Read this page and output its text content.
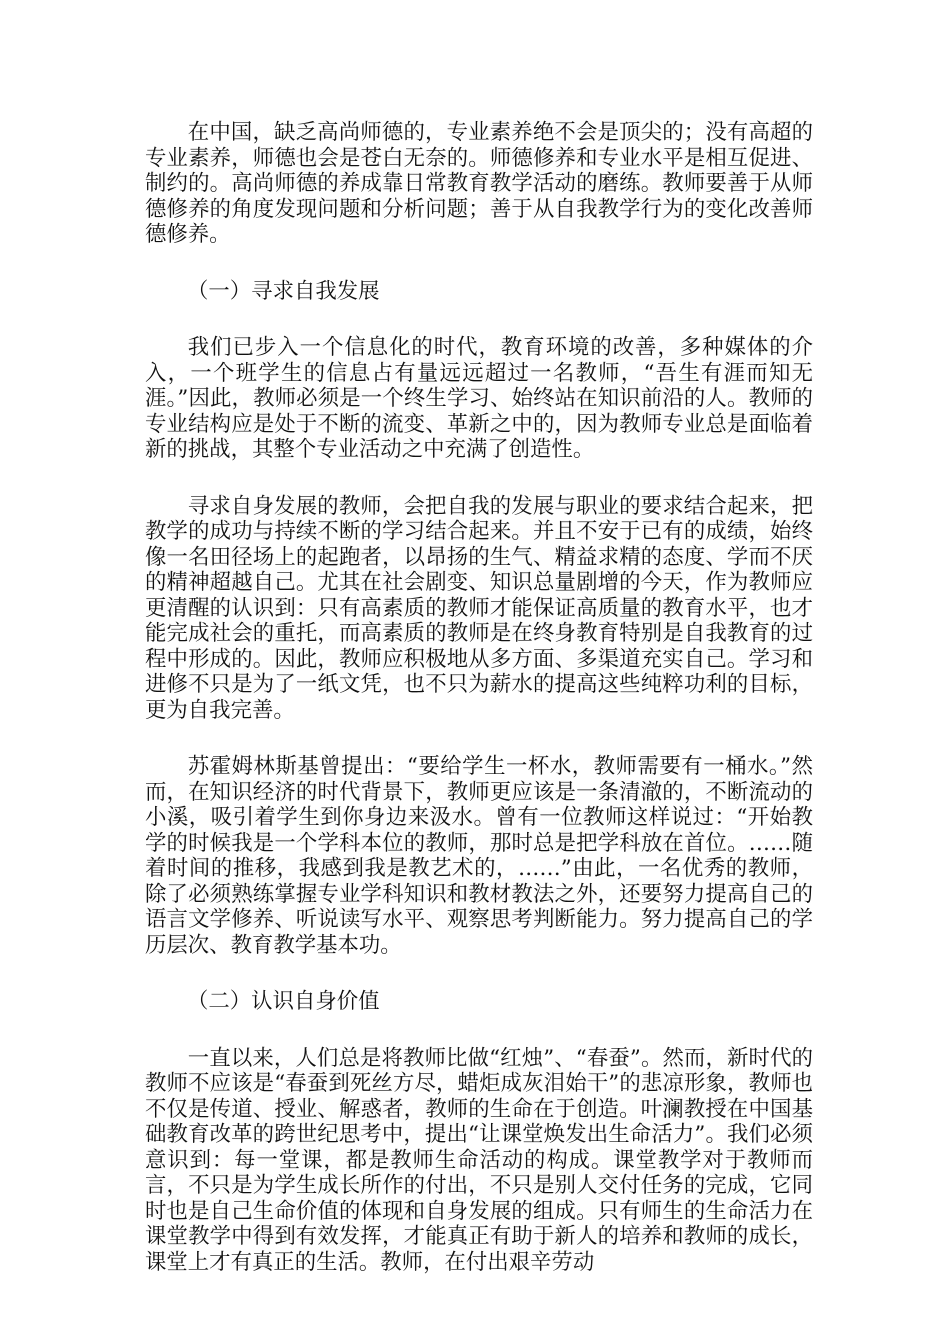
在中国，缺乏高尚师德的，专业素养绝不会是顶尖的；没有高超的专业素养，师德也会是苍白无奈的。师德修养和专业水平是相互促进、制约的。高尚师德的养成靠日常教育教学活动的磨练。教师要善于从师德修养的角度发现问题和分析问题；善于从自我教学行为的变化改善师德修养。

（一）寻求自我发展

我们已步入一个信息化的时代，教育环境的改善，多种媒体的介入，一个班学生的信息占有量远远超过一名教师，“吾生有涯而知无涯。”因此，教师必须是一个终生学习、始终站在知识前沿的人。教师的专业结构应是处于不断的流变、革新之中的，因为教师专业总是面临着新的挑战，其整个专业活动之中充满了创造性。

寻求自身发展的教师，会把自我的发展与职业的要求结合起来，把教学的成功与持续不断的学习结合起来。并且不安于已有的成绩，始终像一名田径场上的起跑者，以昂扬的生气、精益求精的态度、学而不厌的精神超越自己。尤其在社会剧变、知识总量剧增的今天，作为教师应更清醒的认识到：只有高素质的教师才能保证高质量的教育水平，也才能完成社会的重托，而高素质的教师是在终身教育特别是自我教育的过程中形成的。因此，教师应积极地从多方面、多渠道充实自己。学习和进修不只是为了一纸文凭，也不只为薪水的提高这些纯粹功利的目标，更为自我完善。

苏霍姆林斯基曾提出：“要给学生一杯水，教师需要有一桶水。”然而，在知识经济的时代背景下，教师更应该是一条清澈的，不断流动的小溪，吸引着学生到你身边来汲水。曾有一位教师这样说过：“开始教学的时候我是一个学科本位的教师，那时总是把学科放在首位。……随着时间的推移，我感到我是教艺术的，……”由此，一名优秀的教师，除了必须熟练掌握专业学科知识和教材教法之外，还要努力提高自己的语言文学修养、听说读写水平、观察思考判断能力。努力提高自己的学历层次、教育教学基本功。

（二）认识自身价值

一直以来，人们总是将教师比做“红烛”、“春蚕”。然而，新时代的教师不应该是“春蚕到死丝方尽，蜡炬成灰泪始干”的悲凉形象，教师也不仅是传道、授业、解惑者，教师的生命在于创造。叶澜教授在中国基础教育改革的跨世纪思考中，提出“让课堂焕发出生命活力”。我们必须意识到：每一堂课，都是教师生命活动的构成。课堂教学对于教师而言，不只是为学生成长所作的付出，不只是别人交付任务的完成，它同时也是自己生命价值的体现和自身发展的组成。只有师生的生命活力在课堂教学中得到有效发挥，才能真正有助于新人的培养和教师的成长，课堂上才有真正的生活。教师，在付出艰辛劳动
